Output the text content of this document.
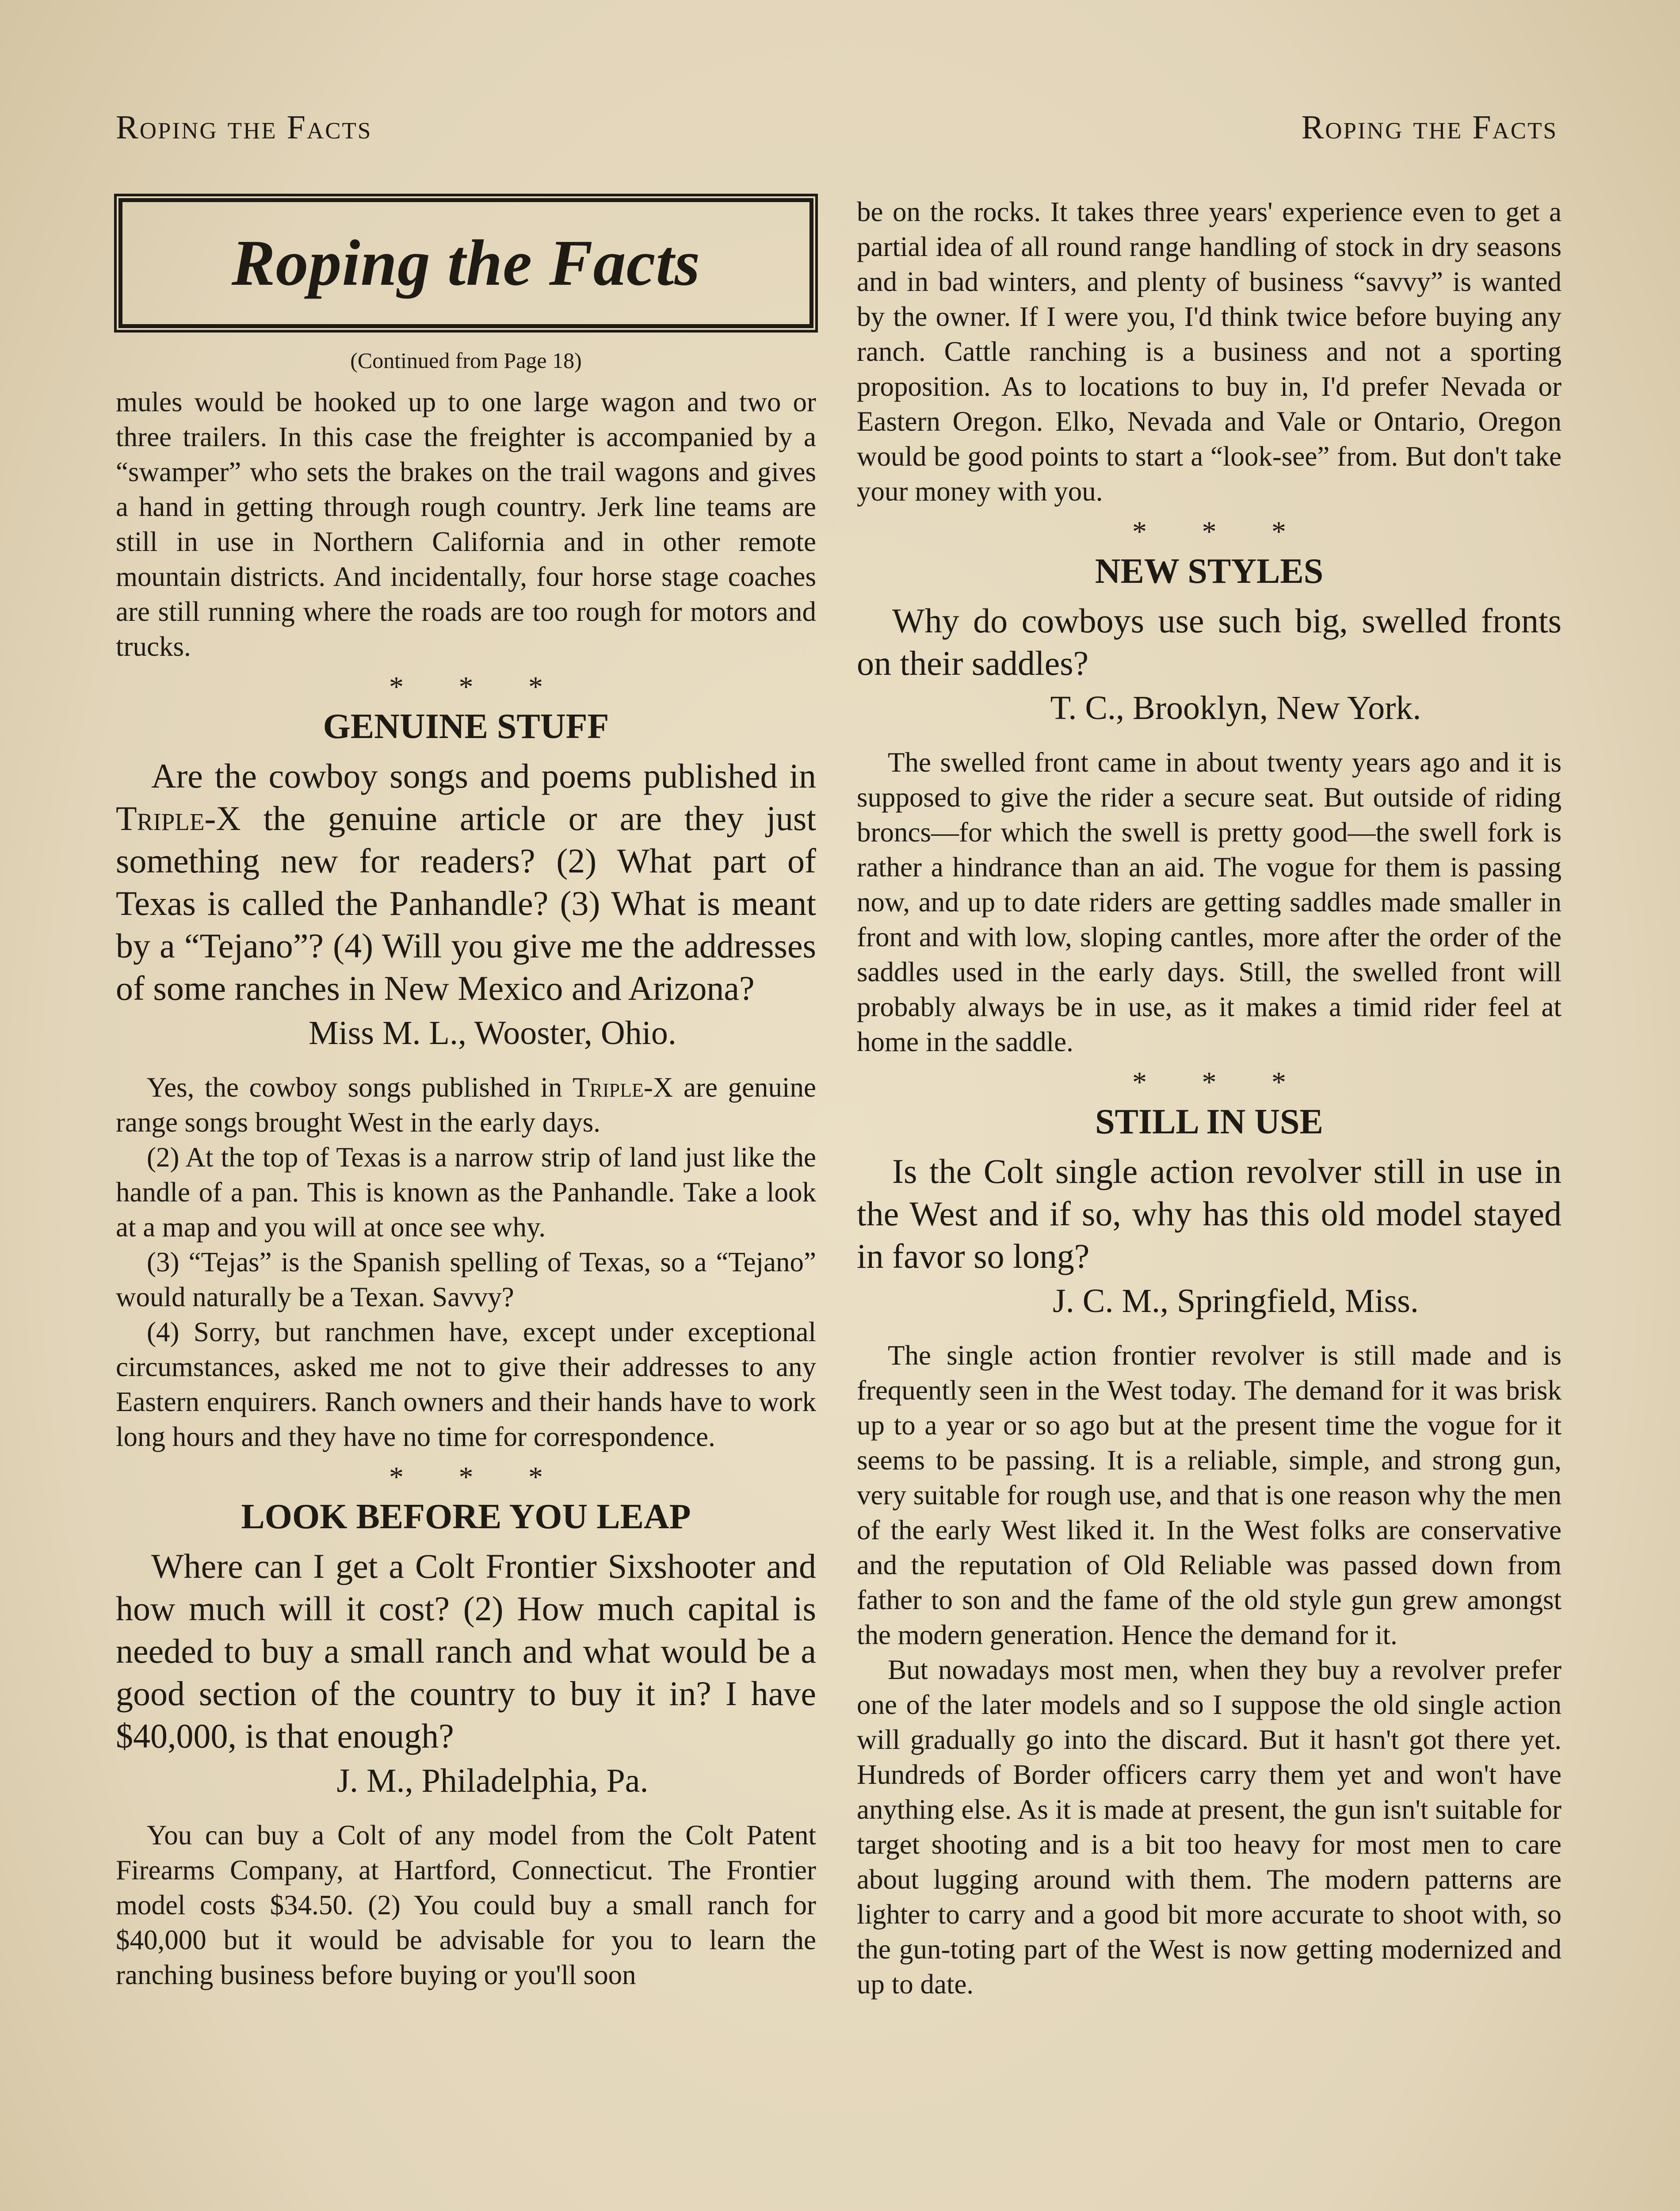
Roping the Facts	Roping the Facts
Roping the Facts
(Continued from Page 18)

mules would be hooked up to one large wagon and two or three trailers. In this case the freighter is accompanied by a “swamper” who sets the brakes on the trail wagons and gives a hand in getting through rough country. Jerk line teams are still in use in Northern California and in other remote mountain districts. And incidentally, four horse stage coaches are still running where the roads are too rough for motors and trucks.

* * *
GENUINE STUFF

Are the cowboy songs and poems published in Triple-X the genuine article or are they just something new for readers? (2) What part of Texas is called the Panhandle? (3) What is meant by a “Tejano”? (4) Will you give me the addresses of some ranches in New Mexico and Arizona?

Miss M. L., Wooster, Ohio.

Yes, the cowboy songs published in Triple-X are genuine range songs brought West in the early days.

(2) At the top of Texas is a narrow strip of land just like the handle of a pan. This is known as the Panhandle. Take a look at a map and you will at once see why.

(3) “Tejas” is the Spanish spelling of Texas, so a “Tejano” would naturally be a Texan. Savvy?

(4) Sorry, but ranchmen have, except under exceptional circumstances, asked me not to give their addresses to any Eastern enquirers. Ranch owners and their hands have to work long hours and they have no time for correspondence.

* * *
LOOK BEFORE YOU LEAP

Where can I get a Colt Frontier Sixshooter and how much will it cost? (2) How much capital is needed to buy a small ranch and what would be a good section of the country to buy it in? I have $40,000, is that enough?

J. M., Philadelphia, Pa.

You can buy a Colt of any model from the Colt Patent Firearms Company, at Hartford, Connecticut. The Frontier model costs $34.50. (2) You could buy a small ranch for $40,000 but it would be advisable for you to learn the ranching business before buying or you'll soon

be on the rocks. It takes three years' experience even to get a partial idea of all round range handling of stock in dry seasons and in bad winters, and plenty of business “savvy” is wanted by the owner. If I were you, I'd think twice before buying any ranch. Cattle ranching is a business and not a sporting proposition. As to locations to buy in, I'd prefer Nevada or Eastern Oregon. Elko, Nevada and Vale or Ontario, Oregon would be good points to start a “look-see” from. But don't take your money with you.

* * *
NEW STYLES

Why do cowboys use such big, swelled fronts on their saddles?

T. C., Brooklyn, New York.

The swelled front came in about twenty years ago and it is supposed to give the rider a secure seat. But outside of riding broncs—for which the swell is pretty good—the swell fork is rather a hindrance than an aid. The vogue for them is passing now, and up to date riders are getting saddles made smaller in front and with low, sloping cantles, more after the order of the saddles used in the early days. Still, the swelled front will probably always be in use, as it makes a timid rider feel at home in the saddle.

* * *
STILL IN USE

Is the Colt single action revolver still in use in the West and if so, why has this old model stayed in favor so long?

J. C. M., Springfield, Miss.

The single action frontier revolver is still made and is frequently seen in the West today. The demand for it was brisk up to a year or so ago but at the present time the vogue for it seems to be passing. It is a reliable, simple, and strong gun, very suitable for rough use, and that is one reason why the men of the early West liked it. In the West folks are conservative and the reputation of Old Reliable was passed down from father to son and the fame of the old style gun grew amongst the modern generation. Hence the demand for it.

But nowadays most men, when they buy a revolver prefer one of the later models and so I suppose the old single action will gradually go into the discard. But it hasn't got there yet. Hundreds of Border officers carry them yet and won't have anything else. As it is made at present, the gun isn't suitable for target shooting and is a bit too heavy for most men to care about lugging around with them. The modern patterns are lighter to carry and a good bit more accurate to shoot with, so the gun-toting part of the West is now getting modernized and up to date.
